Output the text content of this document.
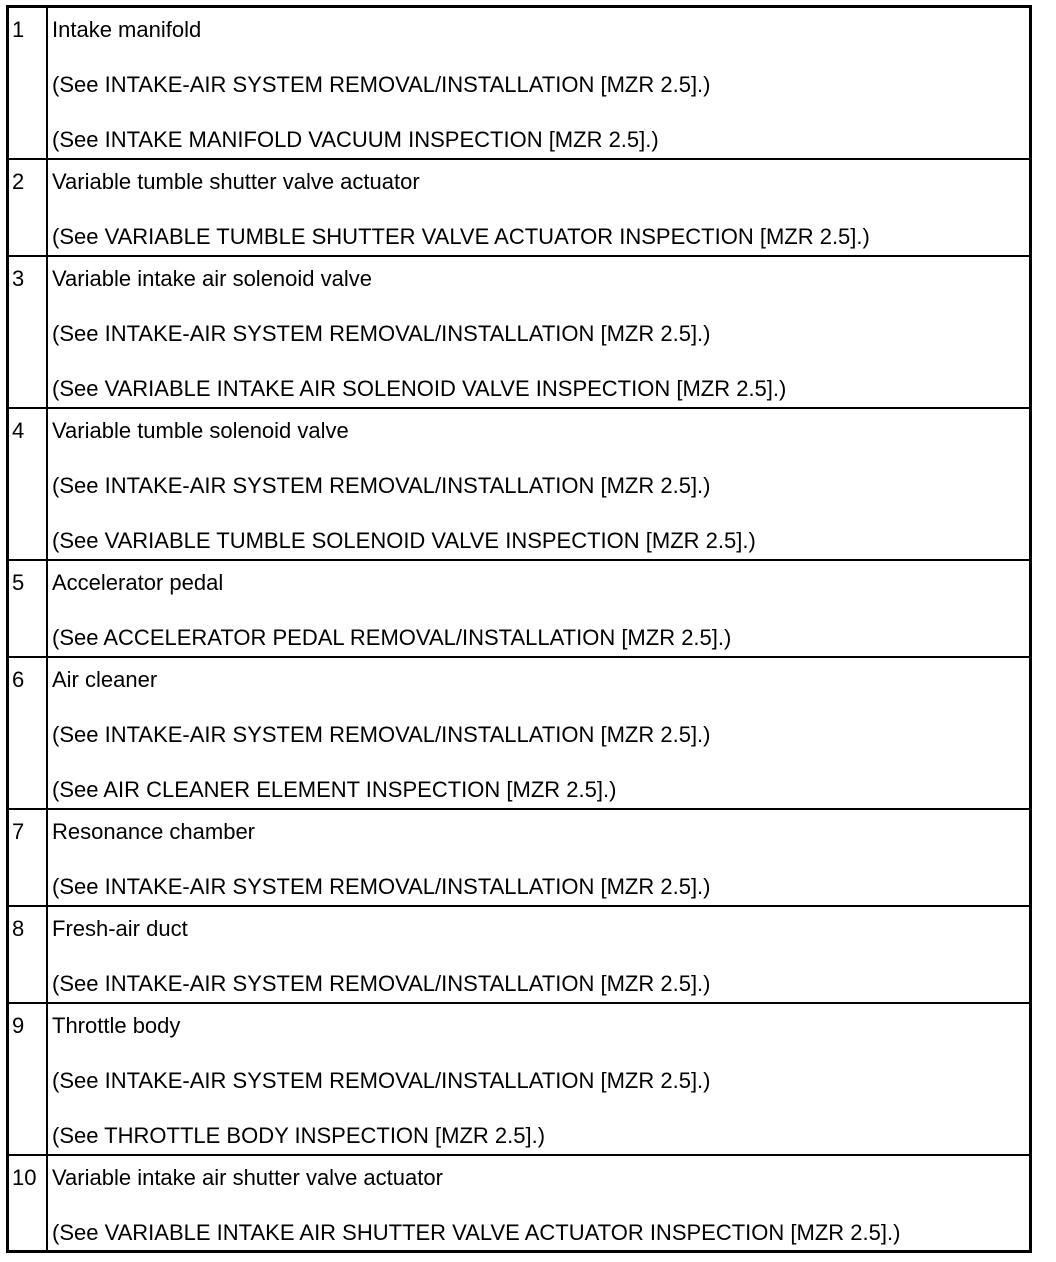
1 Intake manifold
(See INTAKE-AIR SYSTEM REMOVAL/INSTALLATION [MZR 2.5].)
(See INTAKE MANIFOLD VACUUM INSPECTION [MZR 2.5].)
2 Variable tumble shutter valve actuator
(See VARIABLE TUMBLE SHUTTER VALVE ACTUATOR INSPECTION [MZR 2.5].)
3 Variable intake air solenoid valve
(See INTAKE-AIR SYSTEM REMOVAL/INSTALLATION [MZR 2.5].)
(See VARIABLE INTAKE AIR SOLENOID VALVE INSPECTION [MZR 2.5].)
4 Variable tumble solenoid valve
(See INTAKE-AIR SYSTEM REMOVAL/INSTALLATION [MZR 2.5].)
(See VARIABLE TUMBLE SOLENOID VALVE INSPECTION [MZR 2.5].)
5 Accelerator pedal
(See ACCELERATOR PEDAL REMOVAL/INSTALLATION [MZR 2.5].)
6 Air cleaner
(See INTAKE-AIR SYSTEM REMOVAL/INSTALLATION [MZR 2.5].)
(See AIR CLEANER ELEMENT INSPECTION [MZR 2.5].)
7 Resonance chamber
(See INTAKE-AIR SYSTEM REMOVAL/INSTALLATION [MZR 2.5].)
8 Fresh-air duct
(See INTAKE-AIR SYSTEM REMOVAL/INSTALLATION [MZR 2.5].)
9 Throttle body
(See INTAKE-AIR SYSTEM REMOVAL/INSTALLATION [MZR 2.5].)
(See THROTTLE BODY INSPECTION [MZR 2.5].)
10 Variable intake air shutter valve actuator
(See VARIABLE INTAKE AIR SHUTTER VALVE ACTUATOR INSPECTION [MZR 2.5].)
